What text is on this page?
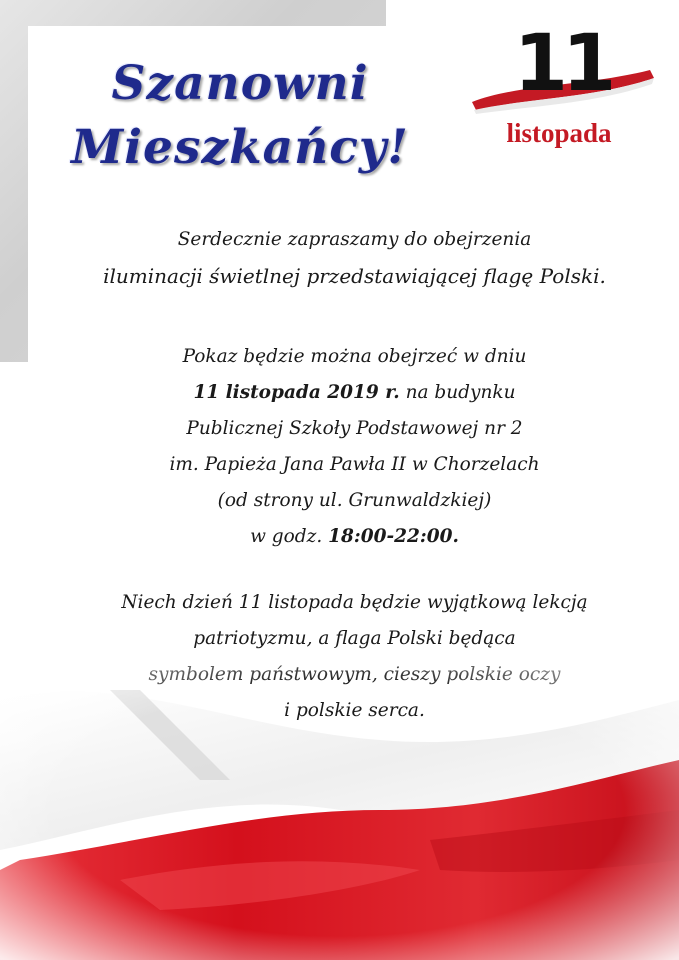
Szanowni
Mieszkańcy!
11
listopada

Serdecznie zapraszamy do obejrzenia

iluminacji świetlnej przedstawiającej flagę Polski.

Pokaz będzie można obejrzeć w dniu

11 listopada 2019 r. na budynku

Publicznej Szkoły Podstawowej nr 2

im. Papieża Jana Pawła II w Chorzelach

(od strony ul. Grunwaldzkiej)

w godz. 18:00-22:00.

Niech dzień 11 listopada będzie wyjątkową lekcją

patriotyzmu, a flaga Polski będąca
